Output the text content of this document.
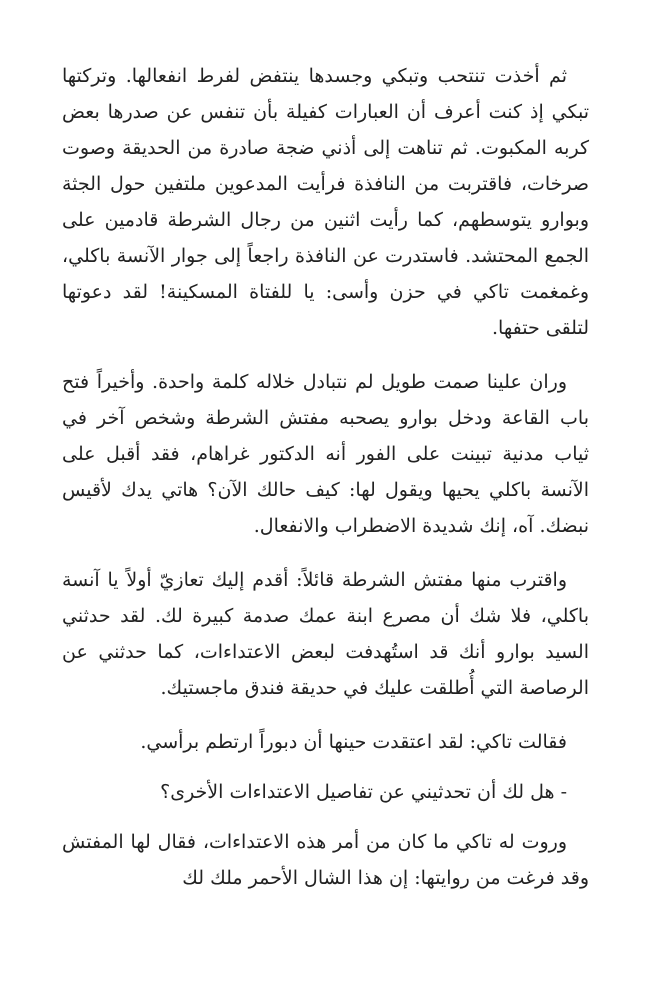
ثم أخذت تنتحب وتبكي وجسدها ينتفض لفرط انفعالها. وتركتها تبكي إذ كنت أعرف أن العبارات كفيلة بأن تنفس عن صدرها بعض كربه المكبوت. ثم تناهت إلى أذني ضجة صادرة من الحديقة وصوت صرخات، فاقتربت من النافذة فرأيت المدعوين ملتفين حول الجثة وبوارو يتوسطهم، كما رأيت اثنين من رجال الشرطة قادمين على الجمع المحتشد. فاستدرت عن النافذة راجعاً إلى جوار الآنسة باكلي، وغمغمت تاكي في حزن وأسى: يا للفتاة المسكينة! لقد دعوتها لتلقى حتفها.

وران علينا صمت طويل لم نتبادل خلاله كلمة واحدة. وأخيراً فتح باب القاعة ودخل بوارو يصحبه مفتش الشرطة وشخص آخر في ثياب مدنية تبينت على الفور أنه الدكتور غراهام، فقد أقبل على الآنسة باكلي يحيها ويقول لها: كيف حالك الآن؟ هاتي يدك لأقيس نبضك. آه، إنك شديدة الاضطراب والانفعال.

واقترب منها مفتش الشرطة قائلاً: أقدم إليك تعازيّ أولاً يا آنسة باكلي، فلا شك أن مصرع ابنة عمك صدمة كبيرة لك. لقد حدثني السيد بوارو أنك قد استُهدفت لبعض الاعتداءات، كما حدثني عن الرصاصة التي أُطلقت عليك في حديقة فندق ماجستيك.

فقالت تاكي: لقد اعتقدت حينها أن دبوراً ارتطم برأسي.

- هل لك أن تحدثيني عن تفاصيل الاعتداءات الأخرى؟

وروت له تاكي ما كان من أمر هذه الاعتداءات، فقال لها المفتش وقد فرغت من روايتها: إن هذا الشال الأحمر ملك لك
